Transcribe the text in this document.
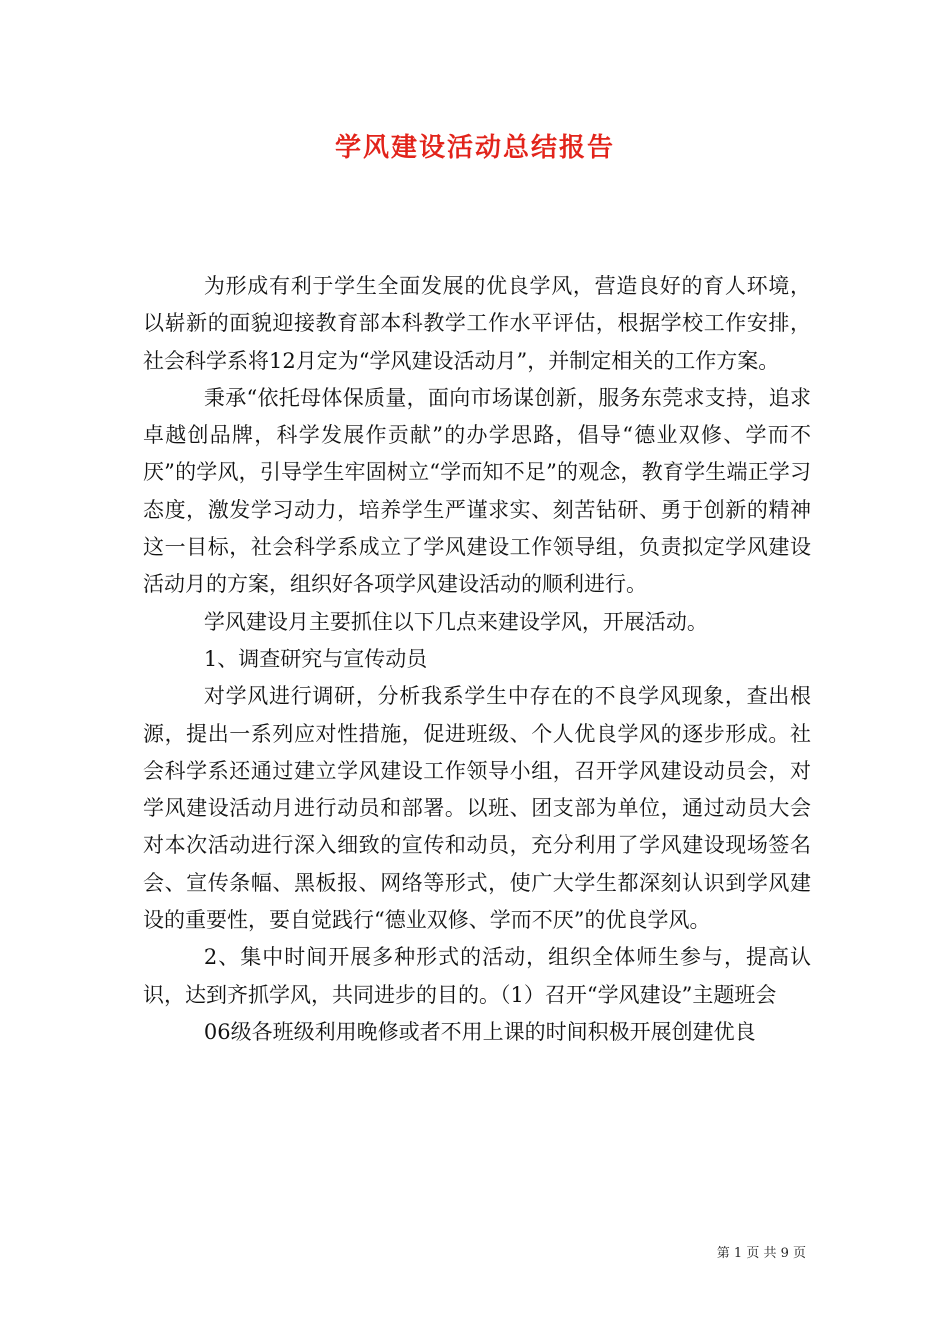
学风建设活动总结报告

为形成有利于学生全面发展的优良学风，营造良好的育人环境，以崭新的面貌迎接教育部本科教学工作水平评估，根据学校工作安排，社会科学系将12月定为“学风建设活动月”，并制定相关的工作方案。

秉承“依托母体保质量，面向市场谋创新，服务东莞求支持，追求卓越创品牌，科学发展作贡献”的办学思路，倡导“德业双修、学而不厌”的学风，引导学生牢固树立“学而知不足”的观念，教育学生端正学习态度，激发学习动力，培养学生严谨求实、刻苦钻研、勇于创新的精神这一目标，社会科学系成立了学风建设工作领导组，负责拟定学风建设活动月的方案，组织好各项学风建设活动的顺利进行。

学风建设月主要抓住以下几点来建设学风，开展活动。

1、调查研究与宣传动员

对学风进行调研，分析我系学生中存在的不良学风现象，查出根源，提出一系列应对性措施，促进班级、个人优良学风的逐步形成。社会科学系还通过建立学风建设工作领导小组，召开学风建设动员会，对学风建设活动月进行动员和部署。以班、团支部为单位，通过动员大会对本次活动进行深入细致的宣传和动员，充分利用了学风建设现场签名会、宣传条幅、黑板报、网络等形式，使广大学生都深刻认识到学风建设的重要性，要自觉践行“德业双修、学而不厌”的优良学风。

2、集中时间开展多种形式的活动，组织全体师生参与，提高认识，达到齐抓学风，共同进步的目的。（1）召开“学风建设”主题班会

06级各班级利用晚修或者不用上课的时间积极开展创建优良

第 1 页 共 9 页
